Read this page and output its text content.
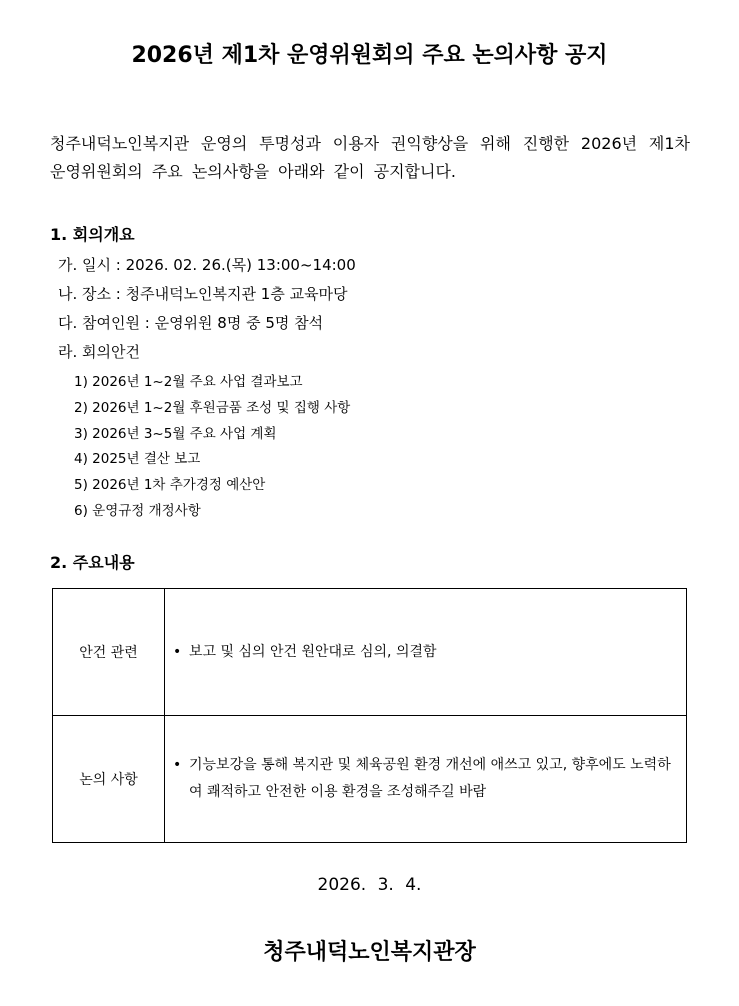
2026년 제1차 운영위원회의 주요 논의사항 공지
청주내덕노인복지관 운영의 투명성과 이용자 권익향상을 위해 진행한 2026년 제1차 운영위원회의 주요 논의사항을 아래와 같이 공지합니다.
1. 회의개요
가. 일시 : 2026. 02. 26.(목) 13:00~14:00
나. 장소 : 청주내덕노인복지관 1층 교육마당
다. 참여인원 : 운영위원 8명 중 5명 참석
라. 회의안건
1) 2026년 1~2월 주요 사업 결과보고
2) 2026년 1~2월 후원금품 조성 및 집행 사항
3) 2026년 3~5월 주요 사업 계획
4) 2025년 결산 보고
5) 2026년 1차 추가경정 예산안
6) 운영규정 개정사항
2. 주요내용
안건 관련	• 보고 및 심의 안건 원안대로 심의, 의결함

논의 사항	• 기능보강을 통해 복지관 및 체육공원 환경 개선에 애쓰고 있고, 향후에도 노력하여 쾌적하고 안전한 이용 환경을 조성해주길 바람
2026. 3. 4.
청주내덕노인복지관장
